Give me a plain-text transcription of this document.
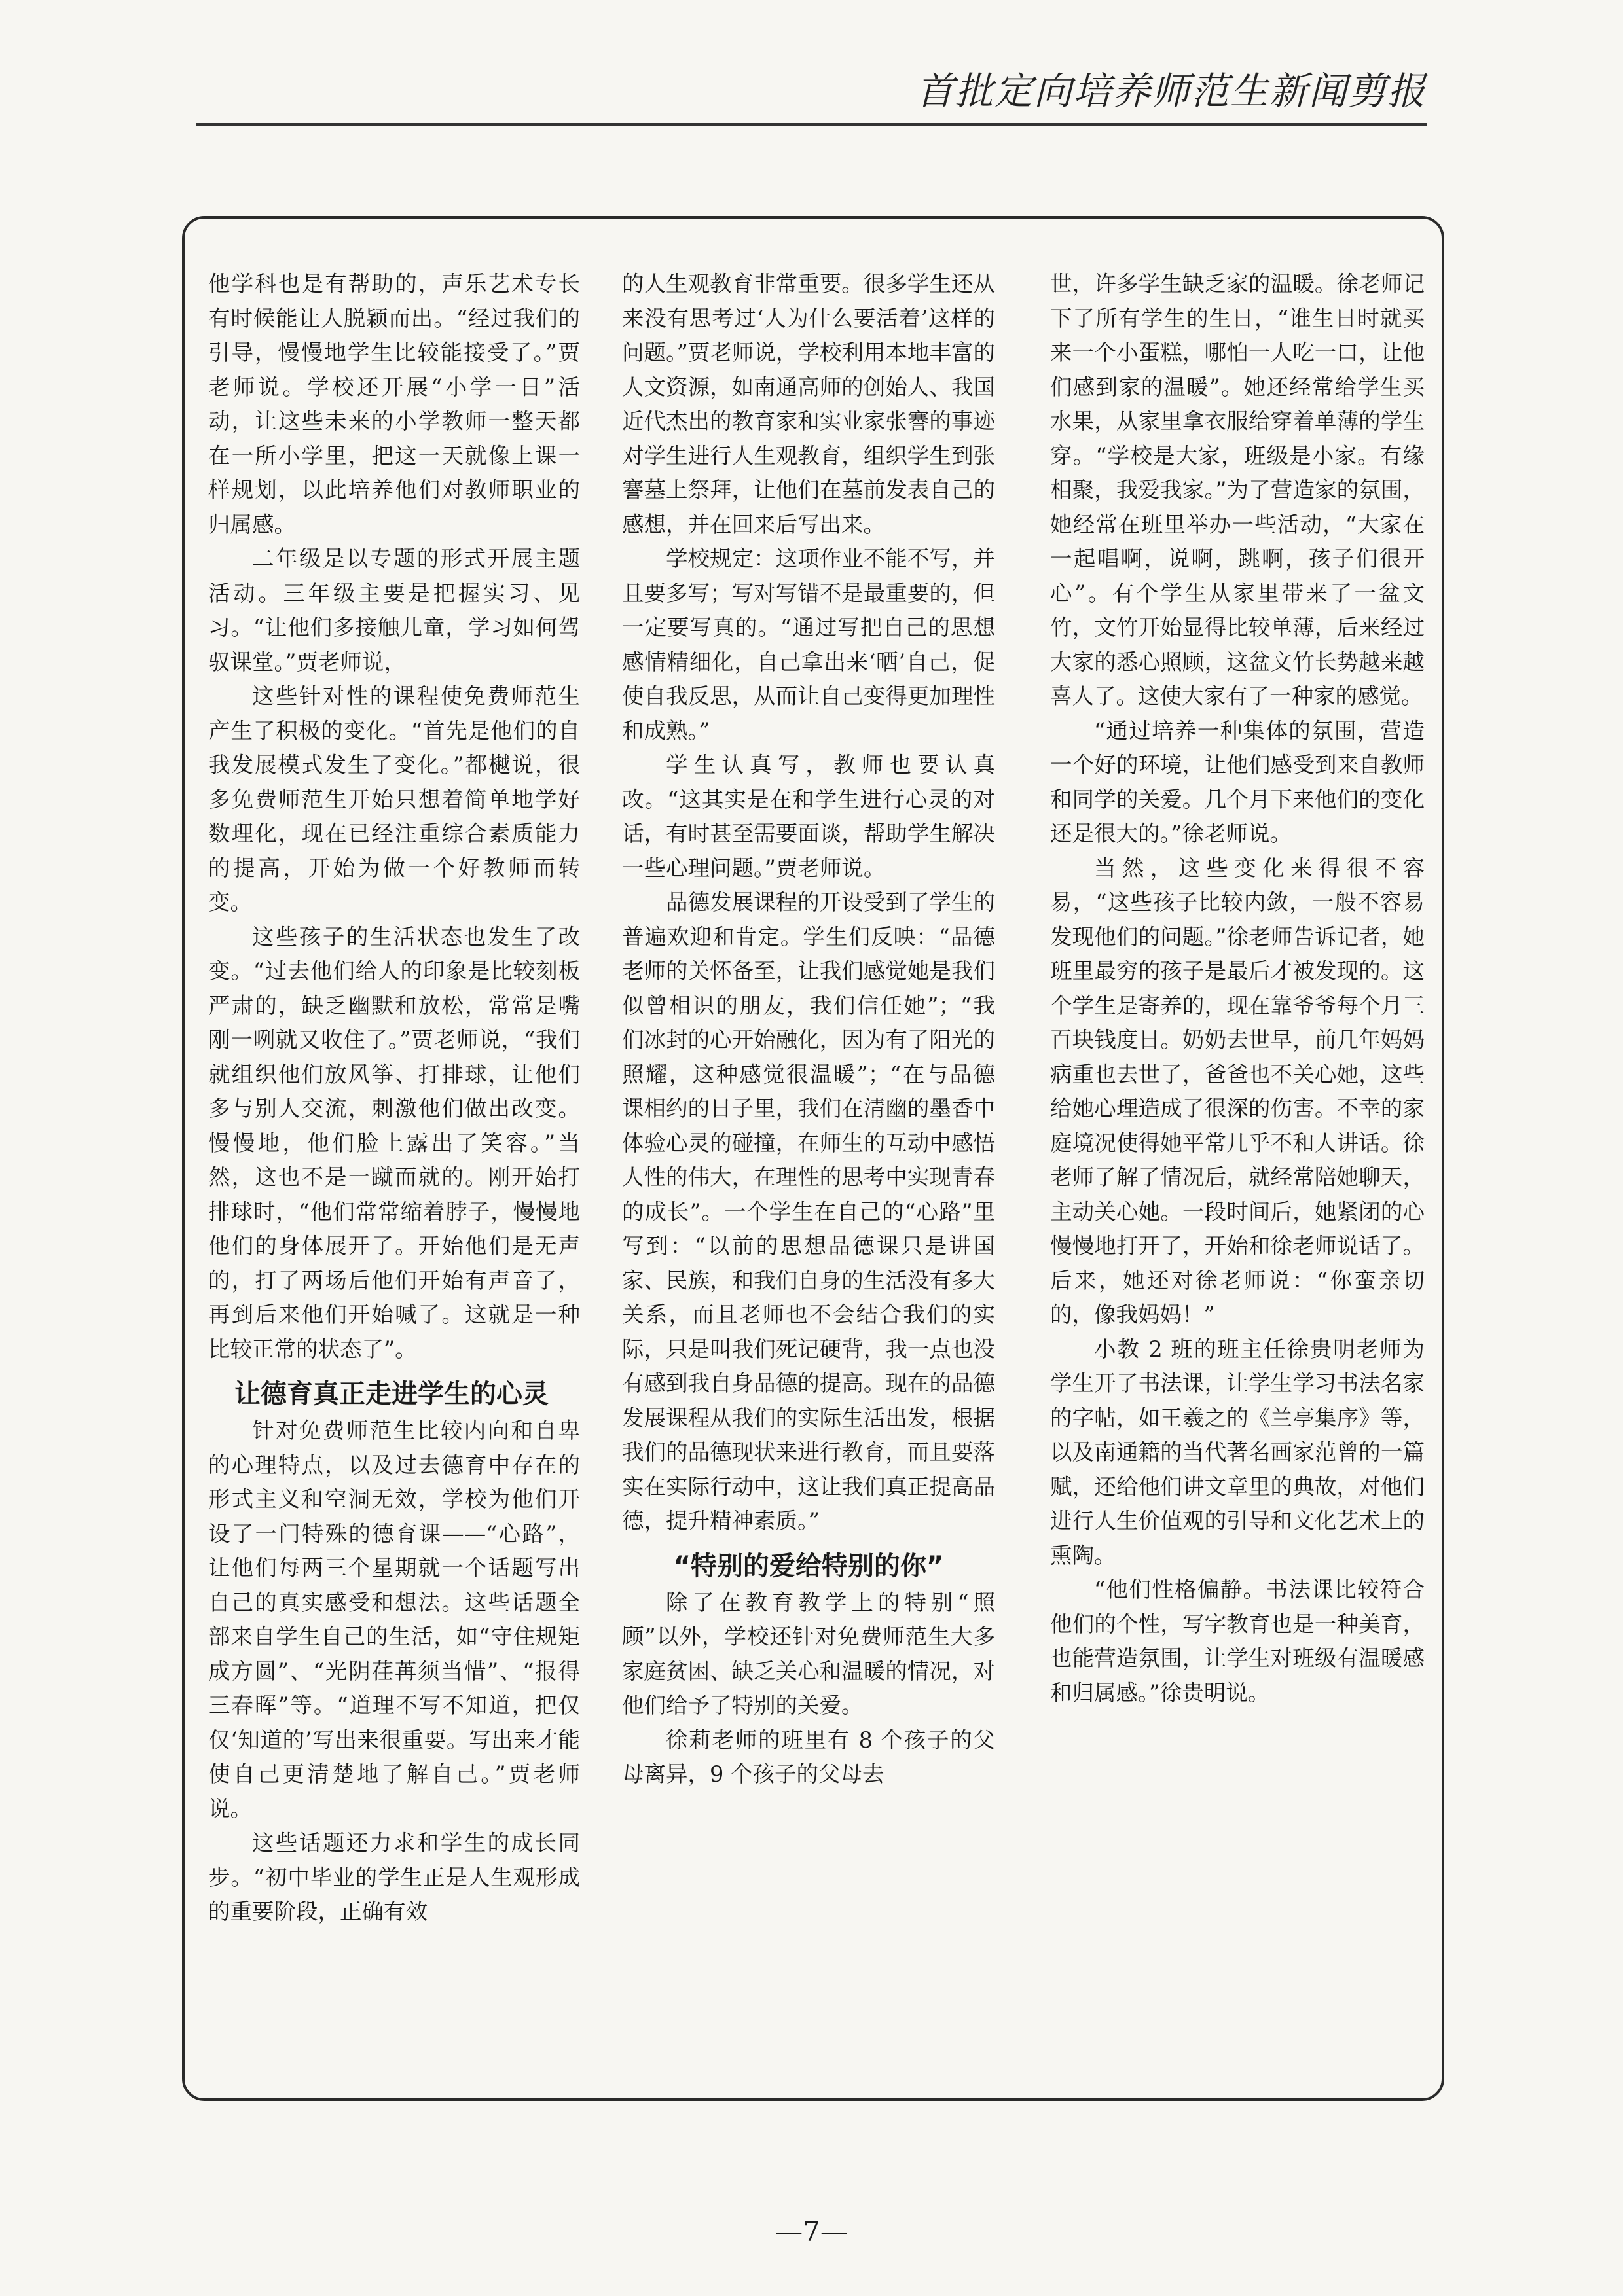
首批定向培养师范生新闻剪报

他学科也是有帮助的，声乐艺术专长有时候能让人脱颖而出。“经过我们的引导，慢慢地学生比较能接受了。”贾老师说。学校还开展“小学一日”活动，让这些未来的小学教师一整天都在一所小学里，把这一天就像上课一样规划，以此培养他们对教师职业的归属感。

二年级是以专题的形式开展主题活动。三年级主要是把握实习、见习。“让他们多接触儿童，学习如何驾驭课堂。”贾老师说，

这些针对性的课程使免费师范生产生了积极的变化。“首先是他们的自我发展模式发生了变化。”都樾说，很多免费师范生开始只想着简单地学好数理化，现在已经注重综合素质能力的提高，开始为做一个好教师而转变。

这些孩子的生活状态也发生了改变。“过去他们给人的印象是比较刻板严肃的，缺乏幽默和放松，常常是嘴刚一咧就又收住了。”贾老师说，“我们就组织他们放风筝、打排球，让他们多与别人交流，刺激他们做出改变。慢慢地，他们脸上露出了笑容。”当然，这也不是一蹴而就的。刚开始打排球时，“他们常常缩着脖子，慢慢地他们的身体展开了。开始他们是无声的，打了两场后他们开始有声音了，再到后来他们开始喊了。这就是一种比较正常的状态了”。

让德育真正走进学生的心灵

针对免费师范生比较内向和自卑的心理特点，以及过去德育中存在的形式主义和空洞无效，学校为他们开设了一门特殊的德育课——“心路”，让他们每两三个星期就一个话题写出自己的真实感受和想法。这些话题全部来自学生自己的生活，如“守住规矩成方圆”、“光阴荏苒须当惜”、“报得三春晖”等。“道理不写不知道，把仅仅‘知道的’写出来很重要。写出来才能使自己更清楚地了解自己。”贾老师说。

这些话题还力求和学生的成长同步。“初中毕业的学生正是人生观形成的重要阶段，正确有效

的人生观教育非常重要。很多学生还从来没有思考过‘人为什么要活着’这样的问题。”贾老师说，学校利用本地丰富的人文资源，如南通高师的创始人、我国近代杰出的教育家和实业家张謇的事迹对学生进行人生观教育，组织学生到张謇墓上祭拜，让他们在墓前发表自己的感想，并在回来后写出来。

学校规定：这项作业不能不写，并且要多写；写对写错不是最重要的，但一定要写真的。“通过写把自己的思想感情精细化，自己拿出来‘晒’自己，促使自我反思，从而让自己变得更加理性和成熟。”

学生认真写，教师也要认真改。“这其实是在和学生进行心灵的对话，有时甚至需要面谈，帮助学生解决一些心理问题。”贾老师说。

品德发展课程的开设受到了学生的普遍欢迎和肯定。学生们反映：“品德老师的关怀备至，让我们感觉她是我们似曾相识的朋友，我们信任她”；“我们冰封的心开始融化，因为有了阳光的照耀，这种感觉很温暖”；“在与品德课相约的日子里，我们在清幽的墨香中体验心灵的碰撞，在师生的互动中感悟人性的伟大，在理性的思考中实现青春的成长”。一个学生在自己的“心路”里写到：“以前的思想品德课只是讲国家、民族，和我们自身的生活没有多大关系，而且老师也不会结合我们的实际，只是叫我们死记硬背，我一点也没有感到我自身品德的提高。现在的品德发展课程从我们的实际生活出发，根据我们的品德现状来进行教育，而且要落实在实际行动中，这让我们真正提高品德，提升精神素质。”

“特别的爱给特别的你”

除了在教育教学上的特别“照顾”以外，学校还针对免费师范生大多家庭贫困、缺乏关心和温暖的情况，对他们给予了特别的关爱。

徐莉老师的班里有 8 个孩子的父母离异，9 个孩子的父母去

世，许多学生缺乏家的温暖。徐老师记下了所有学生的生日，“谁生日时就买来一个小蛋糕，哪怕一人吃一口，让他们感到家的温暖”。她还经常给学生买水果，从家里拿衣服给穿着单薄的学生穿。“学校是大家，班级是小家。有缘相聚，我爱我家。”为了营造家的氛围，她经常在班里举办一些活动，“大家在一起唱啊，说啊，跳啊，孩子们很开心”。有个学生从家里带来了一盆文竹，文竹开始显得比较单薄，后来经过大家的悉心照顾，这盆文竹长势越来越喜人了。这使大家有了一种家的感觉。

“通过培养一种集体的氛围，营造一个好的环境，让他们感受到来自教师和同学的关爱。几个月下来他们的变化还是很大的。”徐老师说。

当然，这些变化来得很不容易，“这些孩子比较内敛，一般不容易发现他们的问题。”徐老师告诉记者，她班里最穷的孩子是最后才被发现的。这个学生是寄养的，现在靠爷爷每个月三百块钱度日。奶奶去世早，前几年妈妈病重也去世了，爸爸也不关心她，这些给她心理造成了很深的伤害。不幸的家庭境况使得她平常几乎不和人讲话。徐老师了解了情况后，就经常陪她聊天，主动关心她。一段时间后，她紧闭的心慢慢地打开了，开始和徐老师说话了。后来，她还对徐老师说：“你蛮亲切的，像我妈妈！”

小教 2 班的班主任徐贵明老师为学生开了书法课，让学生学习书法名家的字帖，如王羲之的《兰亭集序》等，以及南通籍的当代著名画家范曾的一篇赋，还给他们讲文章里的典故，对他们进行人生价值观的引导和文化艺术上的熏陶。

“他们性格偏静。书法课比较符合他们的个性，写字教育也是一种美育，也能营造氛围，让学生对班级有温暖感和归属感。”徐贵明说。

—7—
